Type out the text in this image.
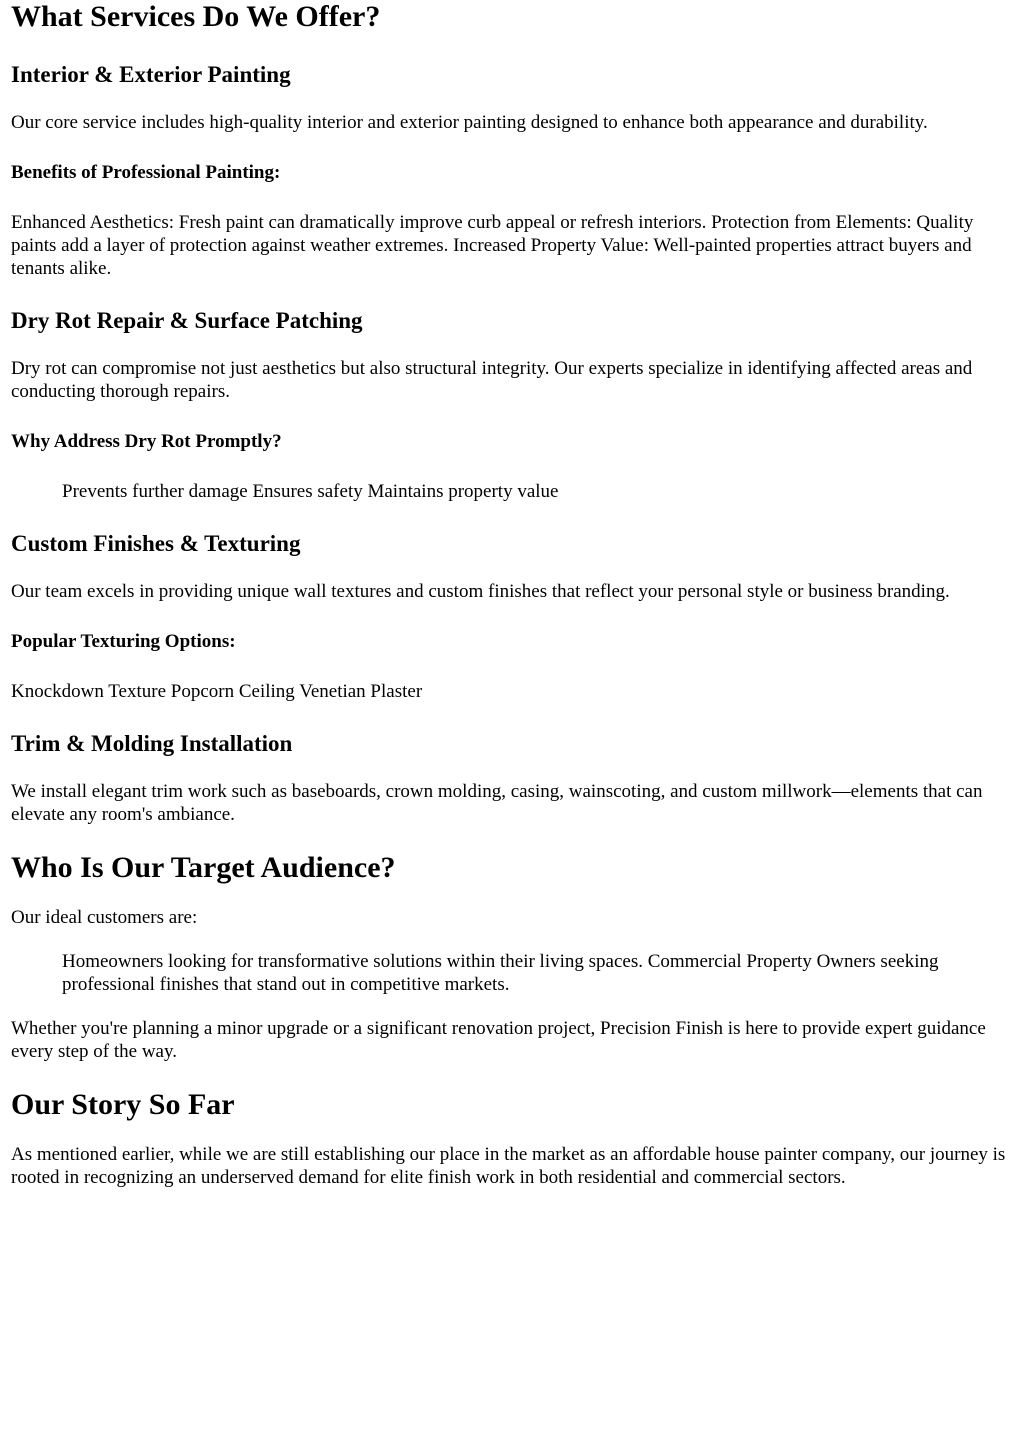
What Services Do We Offer?
Interior & Exterior Painting

Our core service includes high-quality interior and exterior painting designed to enhance both appearance and durability.

Benefits of Professional Painting:

Enhanced Aesthetics: Fresh paint can dramatically improve curb appeal or refresh interiors. Protection from Elements: Quality paints add a layer of protection against weather extremes. Increased Property Value: Well-painted properties attract buyers and tenants alike.

Dry Rot Repair & Surface Patching

Dry rot can compromise not just aesthetics but also structural integrity. Our experts specialize in identifying affected areas and conducting thorough repairs.

Why Address Dry Rot Promptly?
Prevents further damage Ensures safety Maintains property value
Custom Finishes & Texturing

Our team excels in providing unique wall textures and custom finishes that reflect your personal style or business branding.

Popular Texturing Options:

Knockdown Texture Popcorn Ceiling Venetian Plaster

Trim & Molding Installation

We install elegant trim work such as baseboards, crown molding, casing, wainscoting, and custom millwork—elements that can elevate any room's ambiance.

Who Is Our Target Audience?

Our ideal customers are:

Homeowners looking for transformative solutions within their living spaces. Commercial Property Owners seeking professional finishes that stand out in competitive markets.

Whether you're planning a minor upgrade or a significant renovation project, Precision Finish is here to provide expert guidance every step of the way.

Our Story So Far

As mentioned earlier, while we are still establishing our place in the market as an affordable house painter company, our journey is rooted in recognizing an underserved demand for elite finish work in both residential and commercial sectors.
